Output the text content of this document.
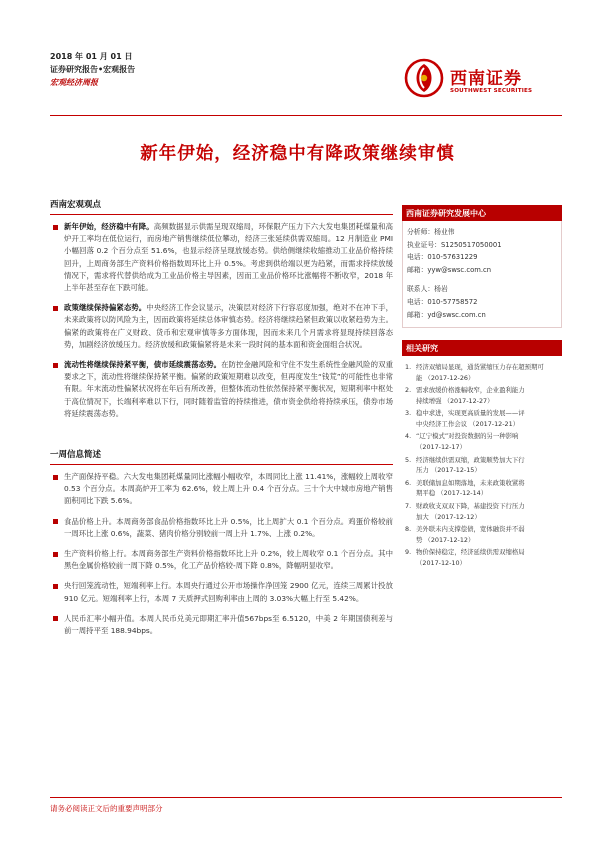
2018 年 01 月 01 日
证券研究报告•宏观报告
宏观经济周报	西南证券
SOUTHWEST SECURITIES
新年伊始，经济稳中有降政策继续审慎
西南宏观观点
新年伊始，经济稳中有降。高频数据显示供需呈现双缩局，环保限产压力下六大发电集团耗煤量和高炉开工率均在低位运行，而房地产销售继续低位攀动，经济三张延续供需双缩局。12 月制造业 PMI 小幅回落 0.2 个百分点至 51.6%，也显示经济呈现放缓态势。供给侧继续收缩推动工业品价格持续回升，上周商务部生产资料价格指数周环比上升 0.5%。考虑到供给端以更为趋紧，而需求持续放缓情况下，需求将代替供给成为工业品价格主导因素，因而工业品价格环比涨幅将不断收窄，2018 年上半年甚至存在下跌可能。
政策继续保持偏紧态势。中央经济工作会议显示，决策层对经济下行容忍度加强，绝对不在冲下手，未来政策将以防风险为主，因而政策将延续总体审慎态势。经济将继续趋紧但政策以收紧趋势为主。偏紧的政策将在广义财政、货币和宏观审慎等多方面体现，因而未来几个月需求将显现持续回落态势，加剧经济放缓压力。经济放缓和政策偏紧将是未来一段时间的基本面和资金面组合状况。
流动性将继续保持紧平衡，债市延续震荡态势。在防控金融风险和守住不发生系统性金融风险的双重要求之下，流动性将继续保持紧平衡。偏紧的政策短期难以改变，但再度发生“钱荒”的可能性也非常有限。年末流动性偏紧状况将在年后有所改善，但整体流动性依然保持紧平衡状况，短期利率中枢处于高位情况下，长端利率难以下行，同时随着监管的持续推进，债市资金供给将持续承压，债券市场将延续震荡态势。
一周信息简述
生产面保持平稳。六大发电集团耗煤量同比涨幅小幅收窄，本周同比上涨 11.41%，涨幅较上周收窄 0.53 个百分点。本周高炉开工率为 62.6%，较上周上升 0.4 个百分点。三十个大中城市房地产销售面积同比下跌 5.6%。
食品价格上升。本周商务部食品价格指数环比上升 0.5%，比上周扩大 0.1 个百分点。鸡蛋价格较前一周环比上涨 0.6%，蔬菜、猪肉价格分别较前一周上升 1.7%、上涨 0.2%。
生产资料价格上行。本周商务部生产资料价格指数环比上升 0.2%，较上周收窄 0.1 个百分点。其中黑色金属价格较前一周下降 0.5%，化工产品价格较-周下降 0.8%，降幅明显收窄。
央行回笼流动性，短端利率上行。本周央行通过公开市场操作净回笼 2900 亿元，连续三周累计投放 910 亿元。短端利率上行，本周 7 天质押式回购利率由上周的 3.03%大幅上行至 5.42%。
人民币汇率小幅升值。本周人民币兑美元即期汇率升值567bps至 6.5120，中美 2 年期国债利差与前一周持平至 188.94bps。
西南证券研究发展中心
分析师：杨业伟
执业证号：S1250517050001
电话：010-57631229
邮箱：yyw@swsc.com.cn
联系人：杨岩
电话：010-57758572
邮箱：yd@swsc.com.cn
相关研究
1. 经济双缩局显现，通货紧缩压力存在超预期可
能 （2017-12-26）
2. 需求放缓价格涨幅收窄，企业盈利能力
持续增强 （2017-12-27）
3. 稳中求进，实现更高质量的发展——评
中央经济工作会议 （2017-12-21）
4. “辽宁模式”对投资数据的另一种影响
（2017-12-17）
5. 经济继续供需双缩，政策顺势加大下行
压力 （2017-12-15）
6. 美联储加息如期落地，未来政策收紧将
期平稳 （2017-12-14）
7. 财政收支双双下降，基建投资下行压力
加大 （2017-12-12）
8. 美外联未内支撑偿债，宽体融资并不弱
势 （2017-12-12）
9. 物价保持稳定，经济延续供需双缩格局
（2017-12-10）
请务必阅读正文后的重要声明部分
